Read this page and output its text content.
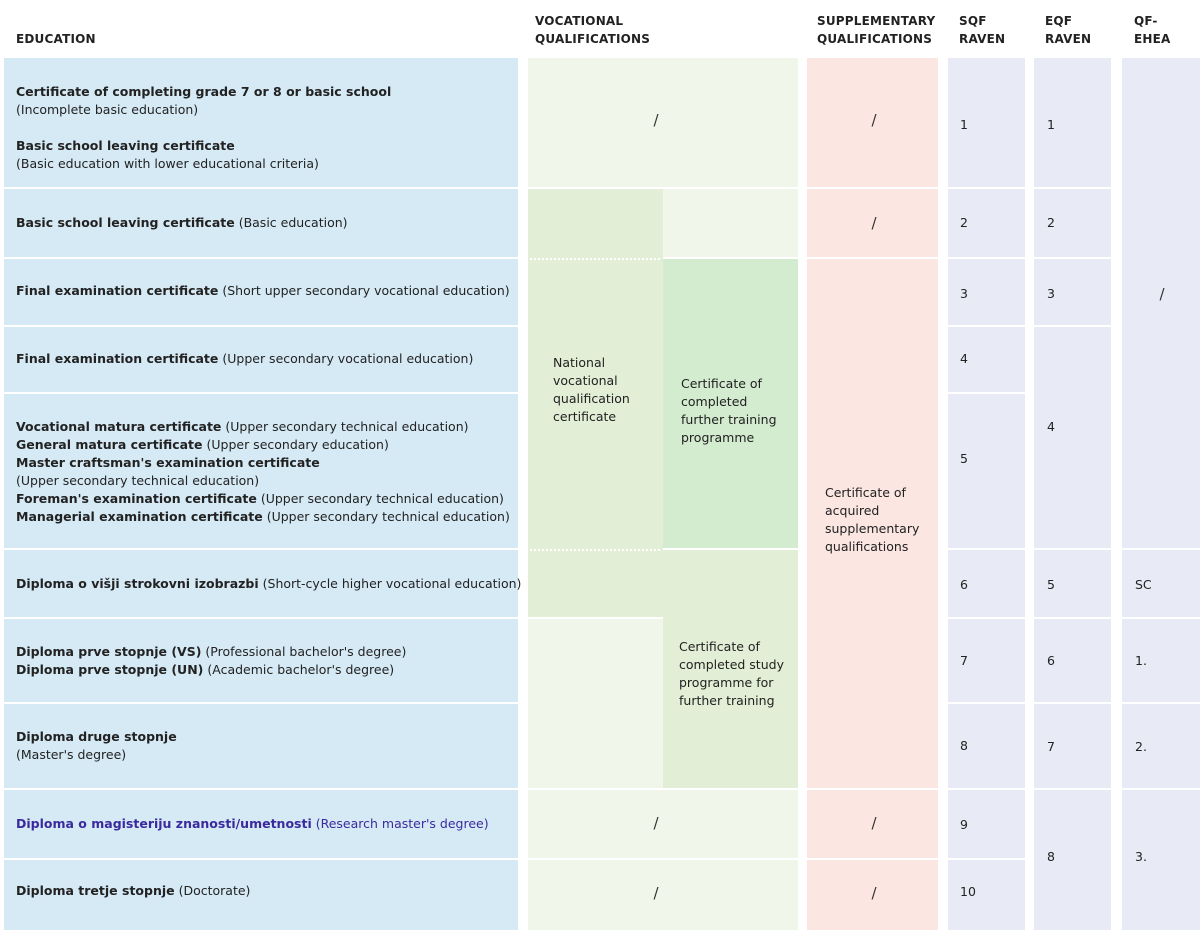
EDUCATION
VOCATIONAL
QUALIFICATIONS
SUPPLEMENTARY
QUALIFICATIONS
SQF
RAVEN
EQF
RAVEN
QF-
EHEA
Certificate of completing grade 7 or 8 or basic school
(Incomplete basic education)
Basic school leaving certificate
(Basic education with lower educational criteria)
Basic school leaving certificate (Basic education)
Final examination certificate (Short upper secondary vocational education)
Final examination certificate (Upper secondary vocational education)
Vocational matura certificate (Upper secondary technical education)
General matura certificate (Upper secondary education)
Master craftsman's examination certificate
(Upper secondary technical education)
Foreman's examination certificate (Upper secondary technical education)
Managerial examination certificate (Upper secondary technical education)
Diploma o višji strokovni izobrazbi (Short-cycle higher vocational education)
Diploma prve stopnje (VS) (Professional bachelor's degree)
Diploma prve stopnje (UN) (Academic bachelor's degree)
Diploma druge stopnje
(Master's degree)
Diploma o magisteriju znanosti/umetnosti (Research master's degree)
Diploma tretje stopnje (Doctorate)
/
/
/
/
/
/
/
National
vocational
qualification
certificate
Certificate of
completed
further training
programme
Certificate of
completed study
programme for
further training
Certificate of
acquired
supplementary
qualifications
1
2
3
4
5
6
7
8
9
10
1
2
3
4
5
6
7
8
/
SC
1.
2.
3.
